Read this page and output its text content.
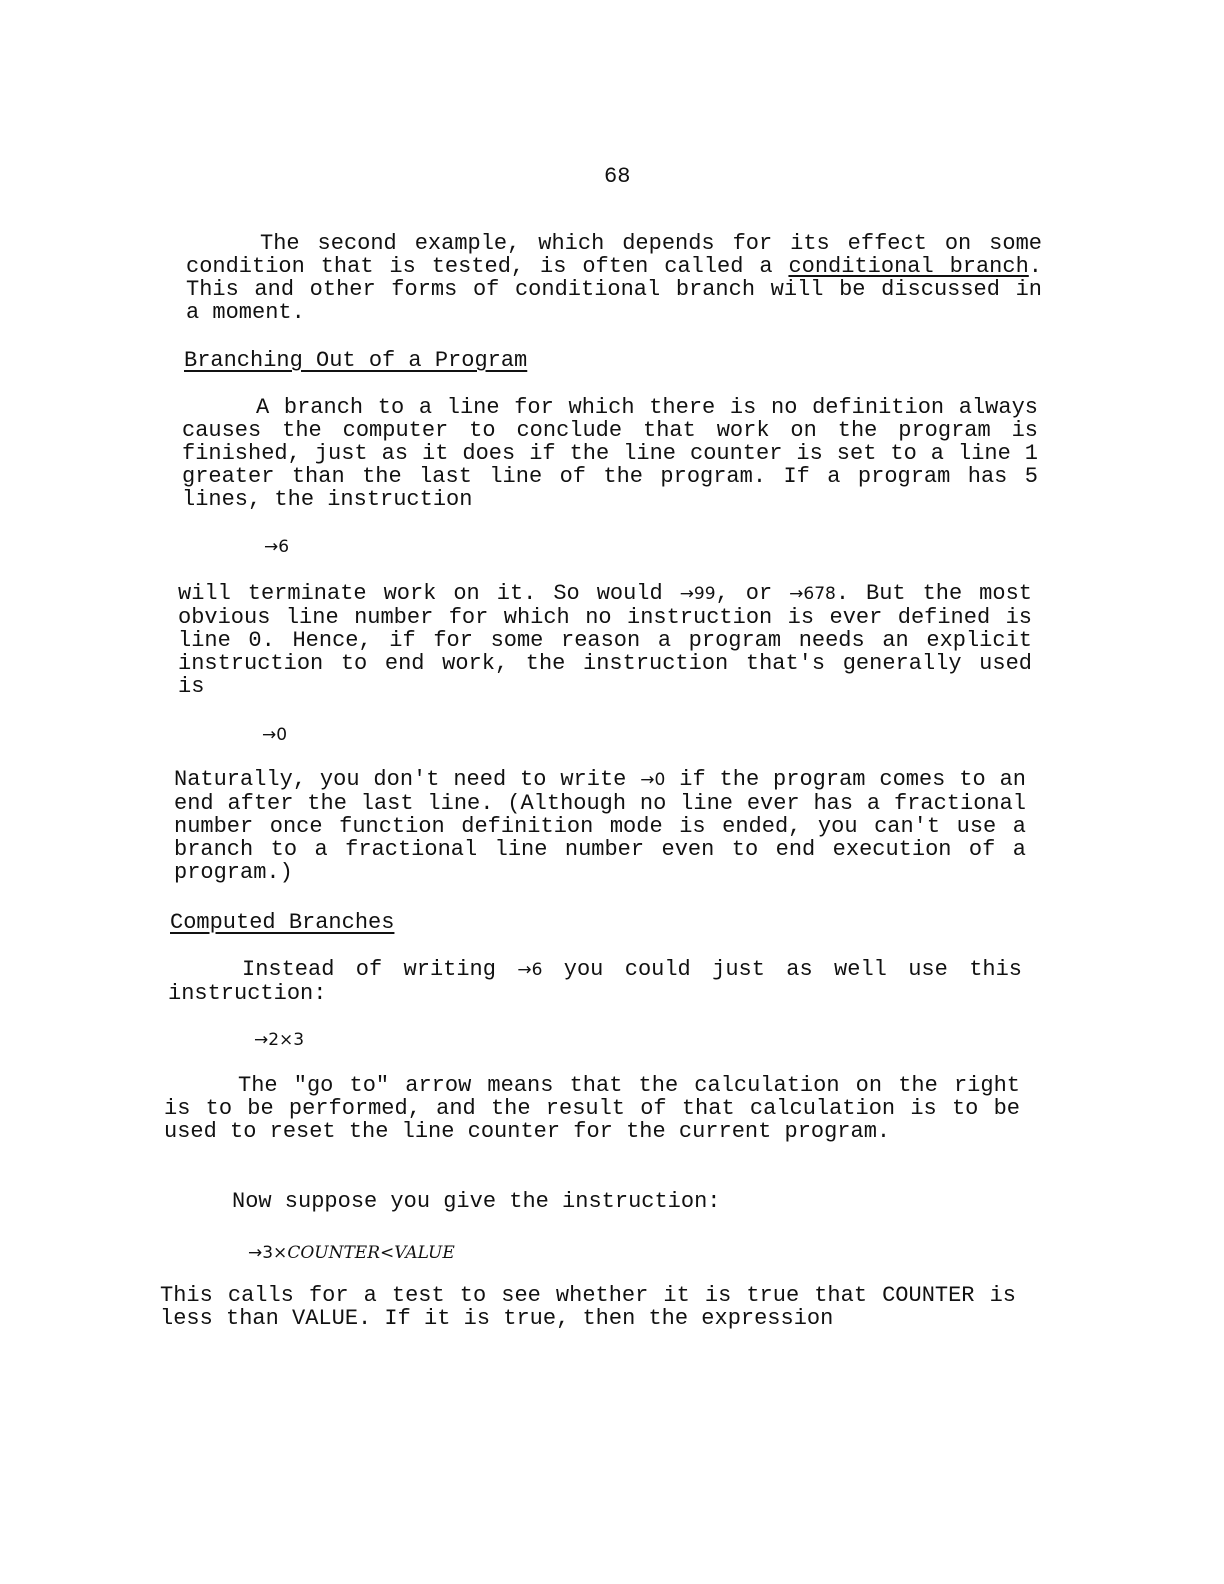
68

The second example, which depends for its effect on some condition that is tested, is often called a conditional branch. This and other forms of conditional branch will be discussed in a moment.

Branching Out of a Program

A branch to a line for which there is no definition always causes the computer to conclude that work on the program is finished, just as it does if the line counter is set to a line 1 greater than the last line of the program. If a program has 5 lines, the instruction

→6

will terminate work on it. So would →99, or →678. But the most obvious line number for which no instruction is ever defined is line 0. Hence, if for some reason a program needs an explicit instruction to end work, the instruction that's generally used is

→0

Naturally, you don't need to write →0 if the program comes to an end after the last line. (Although no line ever has a fractional number once function definition mode is ended, you can't use a branch to a fractional line number even to end execution of a program.)

Computed Branches

Instead of writing →6 you could just as well use this instruction:

→2×3

The "go to" arrow means that the calculation on the right is to be performed, and the result of that calculation is to be used to reset the line counter for the current program.

Now suppose you give the instruction:

→3×COUNTER<VALUE

This calls for a test to see whether it is true that COUNTER is less than VALUE. If it is true, then the expression
